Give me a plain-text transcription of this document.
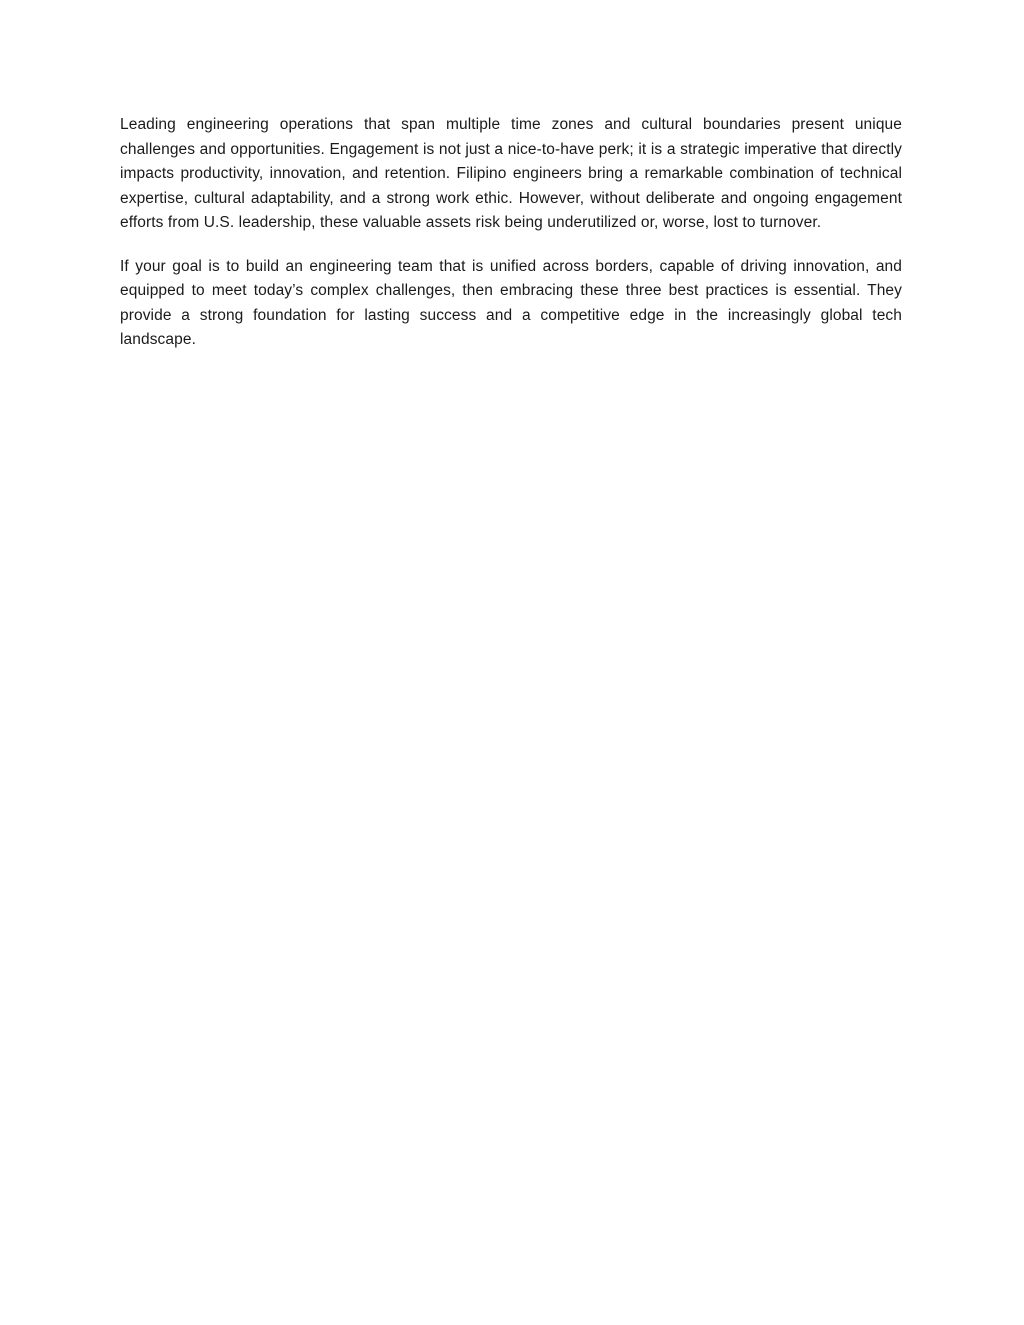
Leading engineering operations that span multiple time zones and cultural boundaries present unique challenges and opportunities. Engagement is not just a nice-to-have perk; it is a strategic imperative that directly impacts productivity, innovation, and retention. Filipino engineers bring a remarkable combination of technical expertise, cultural adaptability, and a strong work ethic. However, without deliberate and ongoing engagement efforts from U.S. leadership, these valuable assets risk being underutilized or, worse, lost to turnover.

If your goal is to build an engineering team that is unified across borders, capable of driving innovation, and equipped to meet today’s complex challenges, then embracing these three best practices is essential. They provide a strong foundation for lasting success and a competitive edge in the increasingly global tech landscape.
